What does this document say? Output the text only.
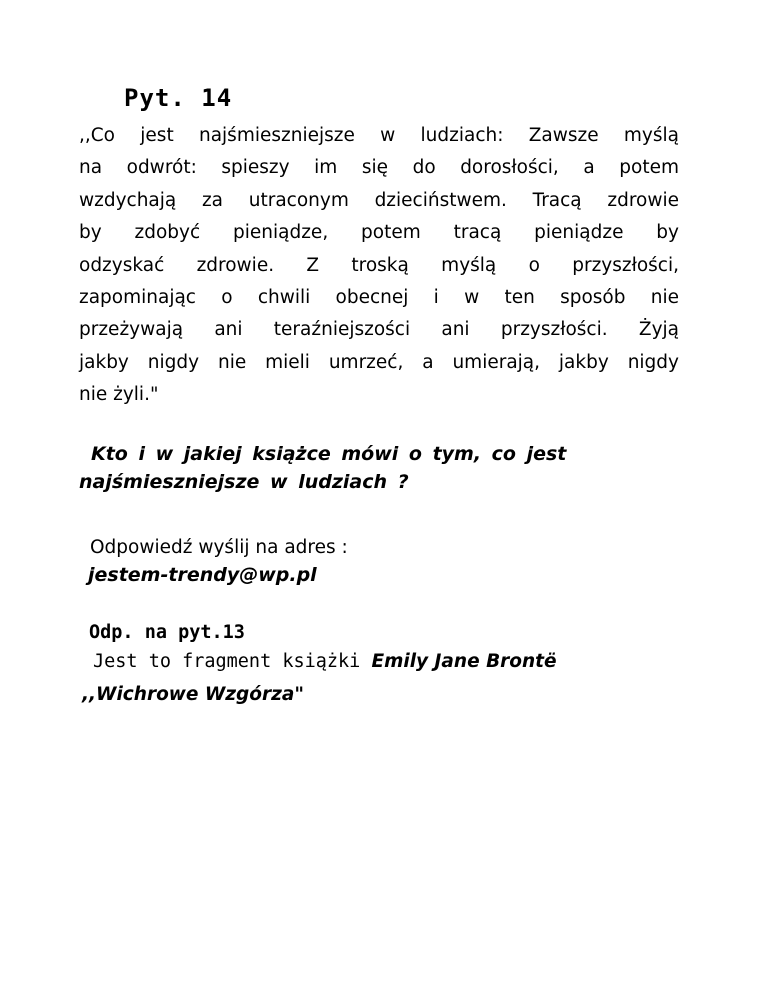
Pyt. 14
,,Co jest najśmieszniejsze w ludziach: Zawsze myślą
na odwrót: spieszy im się do dorosłości, a potem
wzdychają za utraconym dzieciństwem. Tracą zdrowie
by zdobyć pieniądze, potem tracą pieniądze by
odzyskać zdrowie. Z troską myślą o przyszłości,
zapominając o chwili obecnej i w ten sposób nie
przeżywają ani teraźniejszości ani przyszłości. Żyją
jakby nigdy nie mieli umrzeć, a umierają, jakby nigdy
nie żyli."
Kto i w jakiej książce mówi o tym, co jest
najśmieszniejsze w ludziach ?
Odpowiedź wyślij na adres :
jestem-trendy@wp.pl
Odp. na pyt.13
Jest to fragment książki Emily Jane Brontë
,,Wichrowe Wzgórza"
